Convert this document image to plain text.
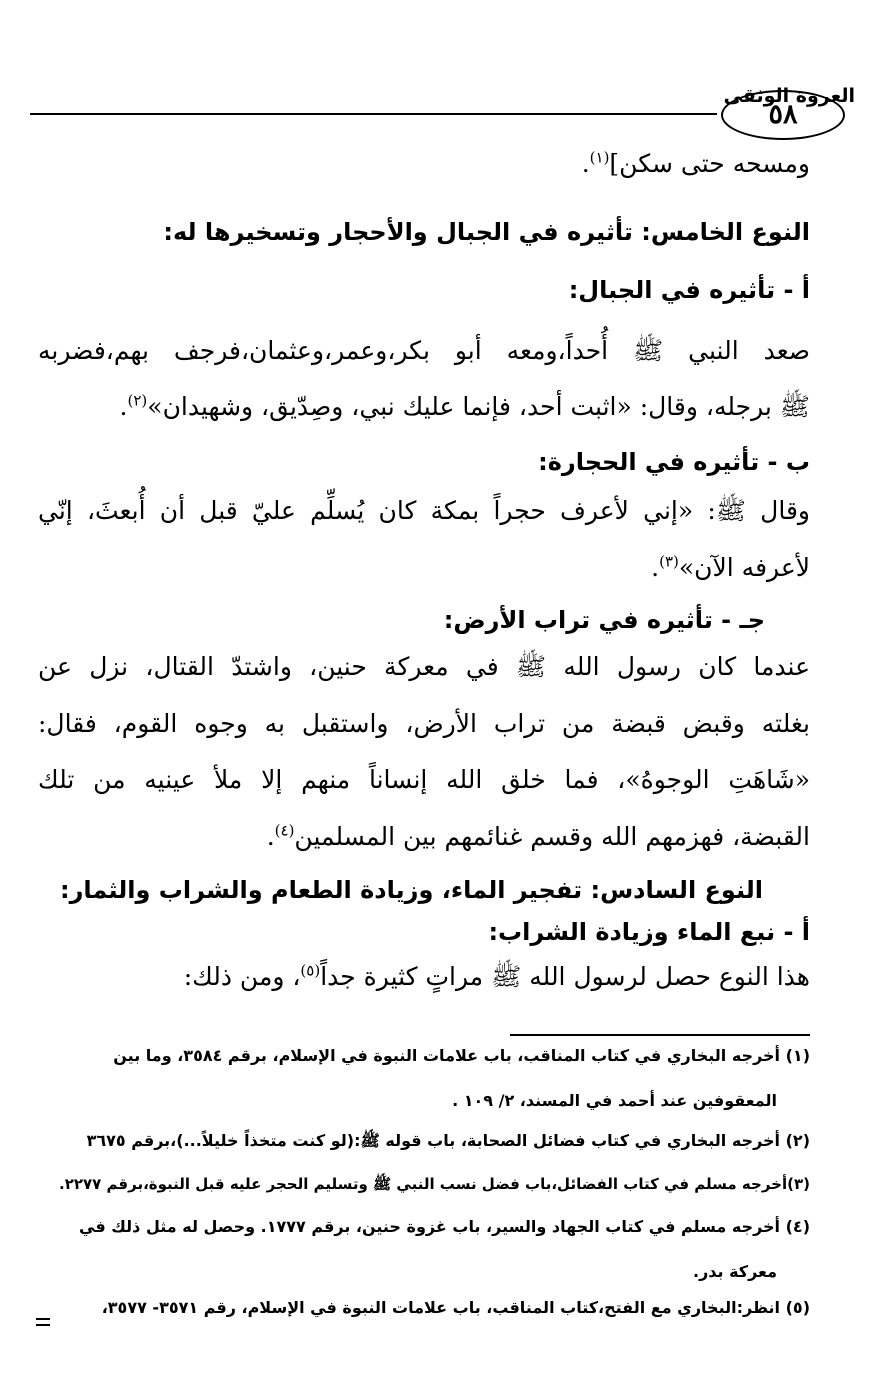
العروة الوثقى
٥٨
ومسحه حتى سكن]$^{(١)}$.
النوع الخامس: تأثيره في الجبال والأحجار وتسخيرها له:
أ - تأثيره في الجبال:
صعد النبي ﷺ أُحداً،ومعه أبو بكر،وعمر،وعثمان،فرجف بهم،فضربه
ﷺ برجله، وقال: «اثبت أحد، فإنما عليك نبي، وصِدّيق، وشهيدان»$^{(٢)}$.
ب - تأثيره في الحجارة:
وقال ﷺ: «إني لأعرف حجراً بمكة كان يُسلِّم عليّ قبل أن أُبعثَ، إنّي
لأعرفه الآن»$^{(٣)}$.
جـ - تأثيره في تراب الأرض:
عندما كان رسول الله ﷺ في معركة حنين، واشتدّ القتال، نزل عن
بغلته وقبض قبضة من تراب الأرض، واستقبل به وجوه القوم، فقال:
«شَاهَتِ الوجوهُ»، فما خلق الله إنساناً منهم إلا ملأ عينيه من تلك
القبضة، فهزمهم الله وقسم غنائمهم بين المسلمين$^{(٤)}$.
النوع السادس: تفجير الماء، وزيادة الطعام والشراب والثمار:
أ - نبع الماء وزيادة الشراب:
هذا النوع حصل لرسول الله ﷺ مراتٍ كثيرة جداً$^{(٥)}$، ومن ذلك:
(١) أخرجه البخاري في كتاب المناقب، باب علامات النبوة في الإسلام، برقم ٣٥٨٤، وما بين
المعقوفين عند أحمد في المسند، ٢/ ١٠٩ .
(٢) أخرجه البخاري في كتاب فضائل الصحابة، باب قوله ﷺ:(لو كنت متخذاً خليلاً...)،برقم ٣٦٧٥
(٣)أخرجه مسلم في كتاب الفضائل،باب فضل نسب النبي ﷺ وتسليم الحجر عليه قبل النبوة،برقم ٢٢٧٧.
(٤) أخرجه مسلم في كتاب الجهاد والسير، باب غزوة حنين، برقم ١٧٧٧. وحصل له مثل ذلك في
معركة بدر.
(٥) انظر:البخاري مع الفتح،كتاب المناقب، باب علامات النبوة في الإسلام، رقم ٣٥٧١- ٣٥٧٧،
